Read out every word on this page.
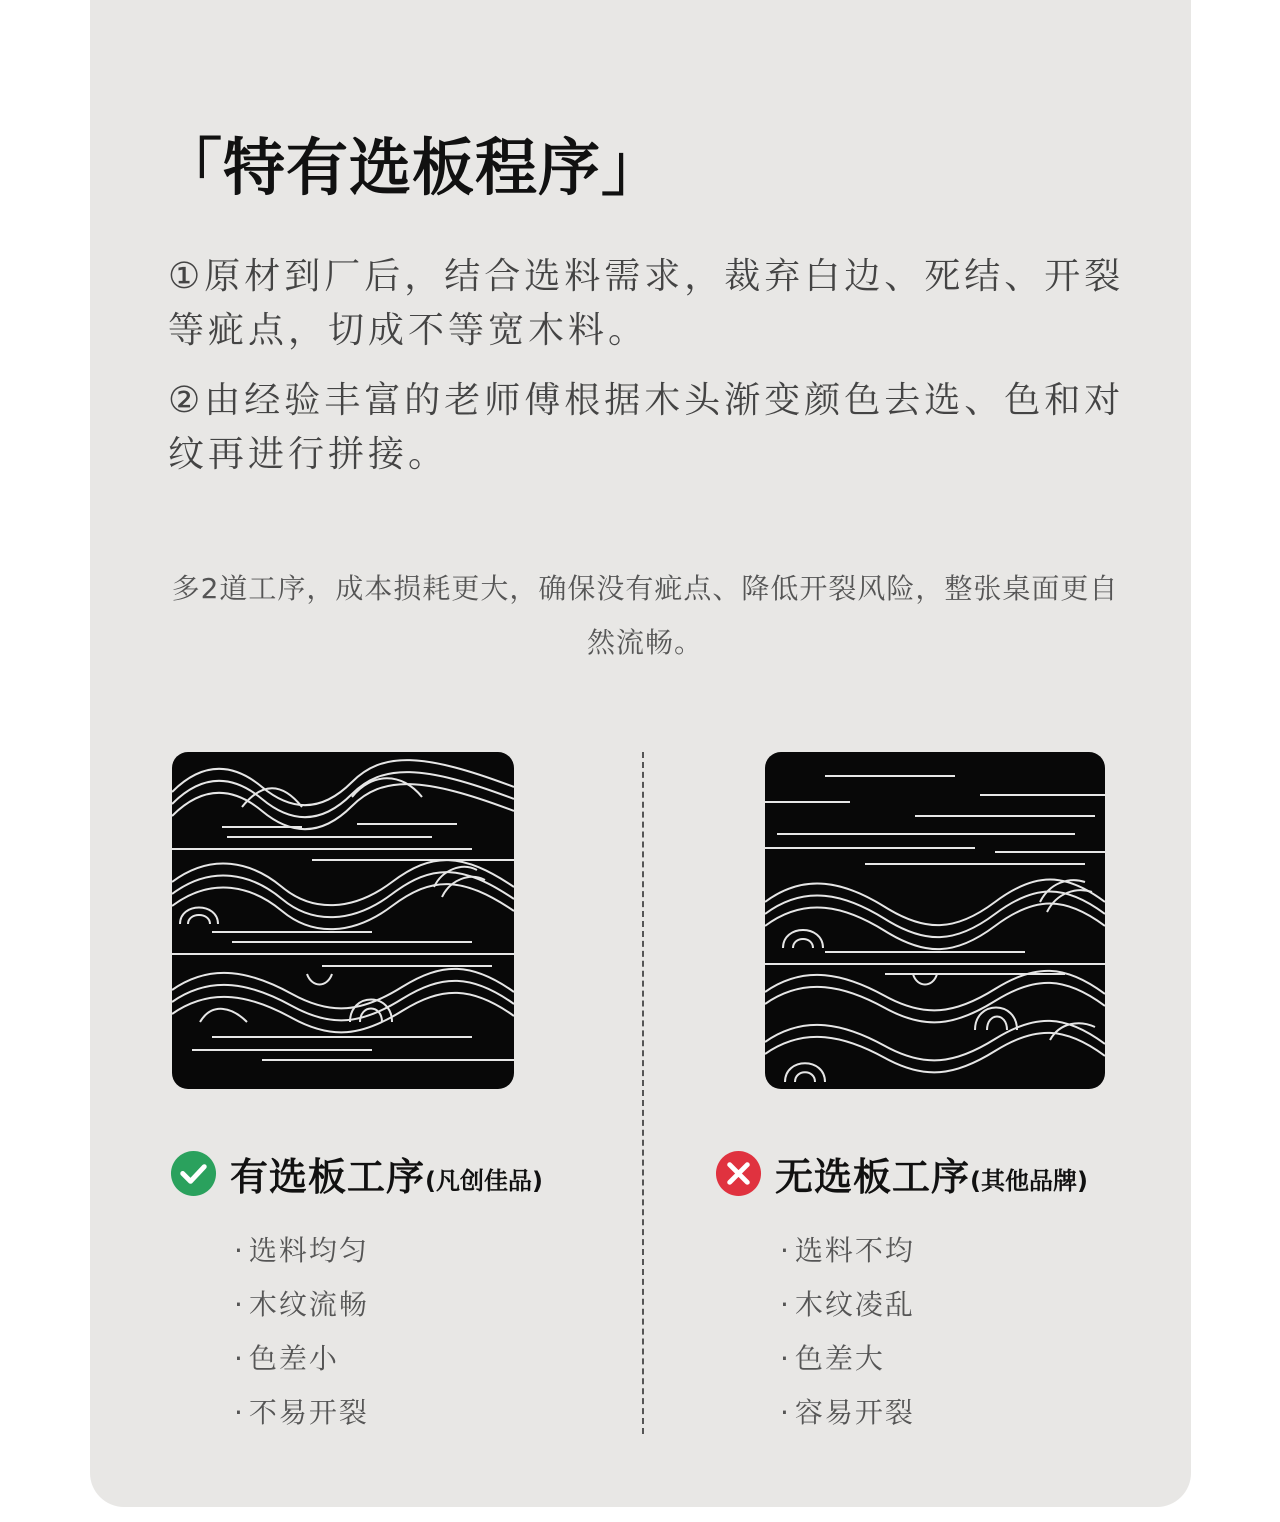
「特有选板程序」
①原材到厂后，结合选料需求，裁弃白边、死结、开裂等疵点，切成不等宽木料。
②由经验丰富的老师傅根据木头渐变颜色去选、色和对纹再进行拼接。
多2道工序，成本损耗更大，确保没有疵点、降低开裂风险，整张桌面更自然流畅。
有选板工序 (凡创佳品)	无选板工序 (其他品牌)
· 选料均匀
· 木纹流畅
· 色差小
· 不易开裂
· 选料不均
· 木纹凌乱
· 色差大
· 容易开裂
